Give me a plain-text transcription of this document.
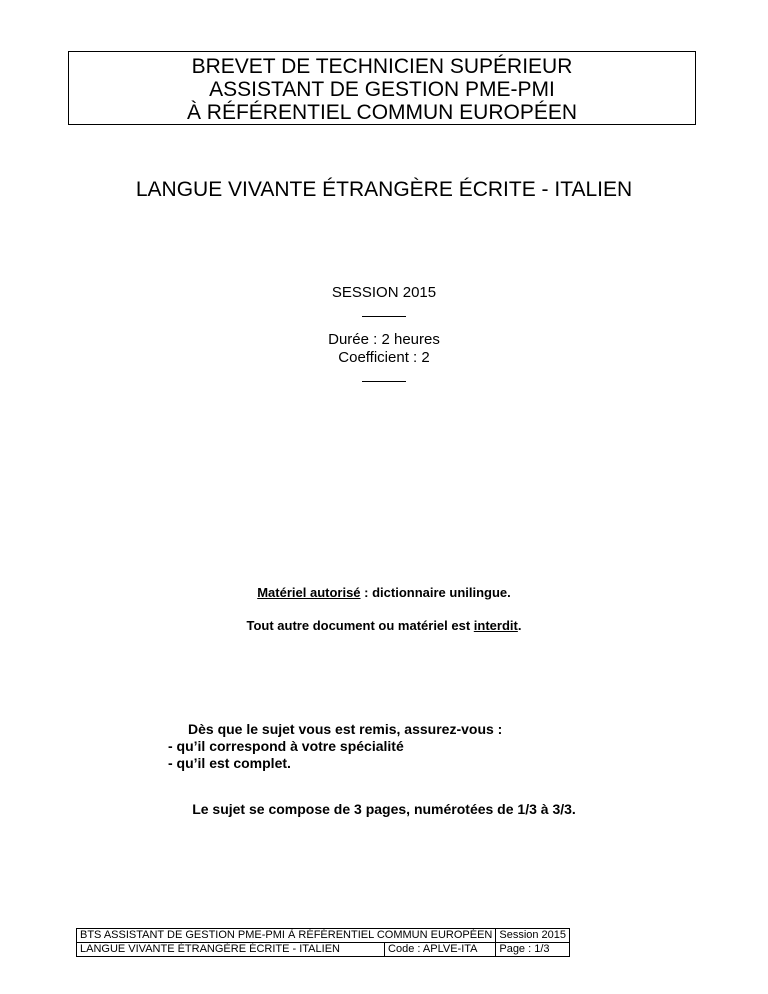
BREVET DE TECHNICIEN SUPÉRIEUR
ASSISTANT DE GESTION PME-PMI
À RÉFÉRENTIEL COMMUN EUROPÉEN
LANGUE VIVANTE ÉTRANGÈRE ÉCRITE - ITALIEN
SESSION 2015
Durée : 2 heures
Coefficient : 2
Matériel autorisé : dictionnaire unilingue.
Tout autre document ou matériel est interdit.
Dès que le sujet vous est remis, assurez-vous :
- qu’il correspond à votre spécialité
- qu’il est complet.
Le sujet se compose de 3 pages, numérotées de 1/3 à 3/3.
BTS ASSISTANT DE GESTION PME-PMI À RÉFÉRENTIEL COMMUN EUROPÉEN		Session 2015
LANGUE VIVANTE ÉTRANGÈRE ÉCRITE - ITALIEN	Code : APLVE-ITA	Page : 1/3
